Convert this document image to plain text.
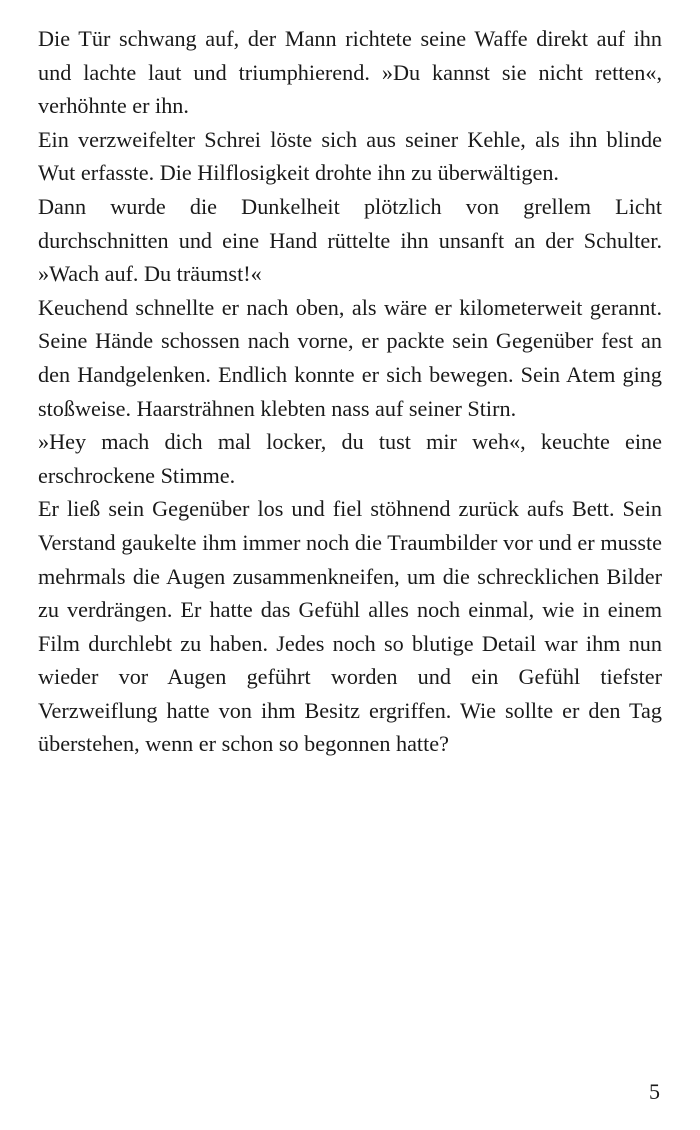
Die Tür schwang auf, der Mann richtete seine Waffe direkt auf ihn und lachte laut und triumphierend. »Du kannst sie nicht retten«, verhöhnte er ihn.

Ein verzweifelter Schrei löste sich aus seiner Kehle, als ihn blinde Wut erfasste. Die Hilflosigkeit drohte ihn zu überwältigen.

Dann wurde die Dunkelheit plötzlich von grellem Licht durchschnitten und eine Hand rüttelte ihn unsanft an der Schulter. »Wach auf. Du träumst!«

Keuchend schnellte er nach oben, als wäre er kilometerweit gerannt. Seine Hände schossen nach vorne, er packte sein Gegenüber fest an den Handgelenken. Endlich konnte er sich bewegen. Sein Atem ging stoßweise. Haarsträhnen klebten nass auf seiner Stirn.

»Hey mach dich mal locker, du tust mir weh«, keuchte eine erschrockene Stimme.

Er ließ sein Gegenüber los und fiel stöhnend zurück aufs Bett. Sein Verstand gaukelte ihm immer noch die Traumbilder vor und er musste mehrmals die Augen zusammenkneifen, um die schrecklichen Bilder zu verdrängen. Er hatte das Gefühl alles noch einmal, wie in einem Film durchlebt zu haben. Jedes noch so blutige Detail war ihm nun wieder vor Augen geführt worden und ein Gefühl tiefster Verzweiflung hatte von ihm Besitz ergriffen. Wie sollte er den Tag überstehen, wenn er schon so begonnen hatte?

5
